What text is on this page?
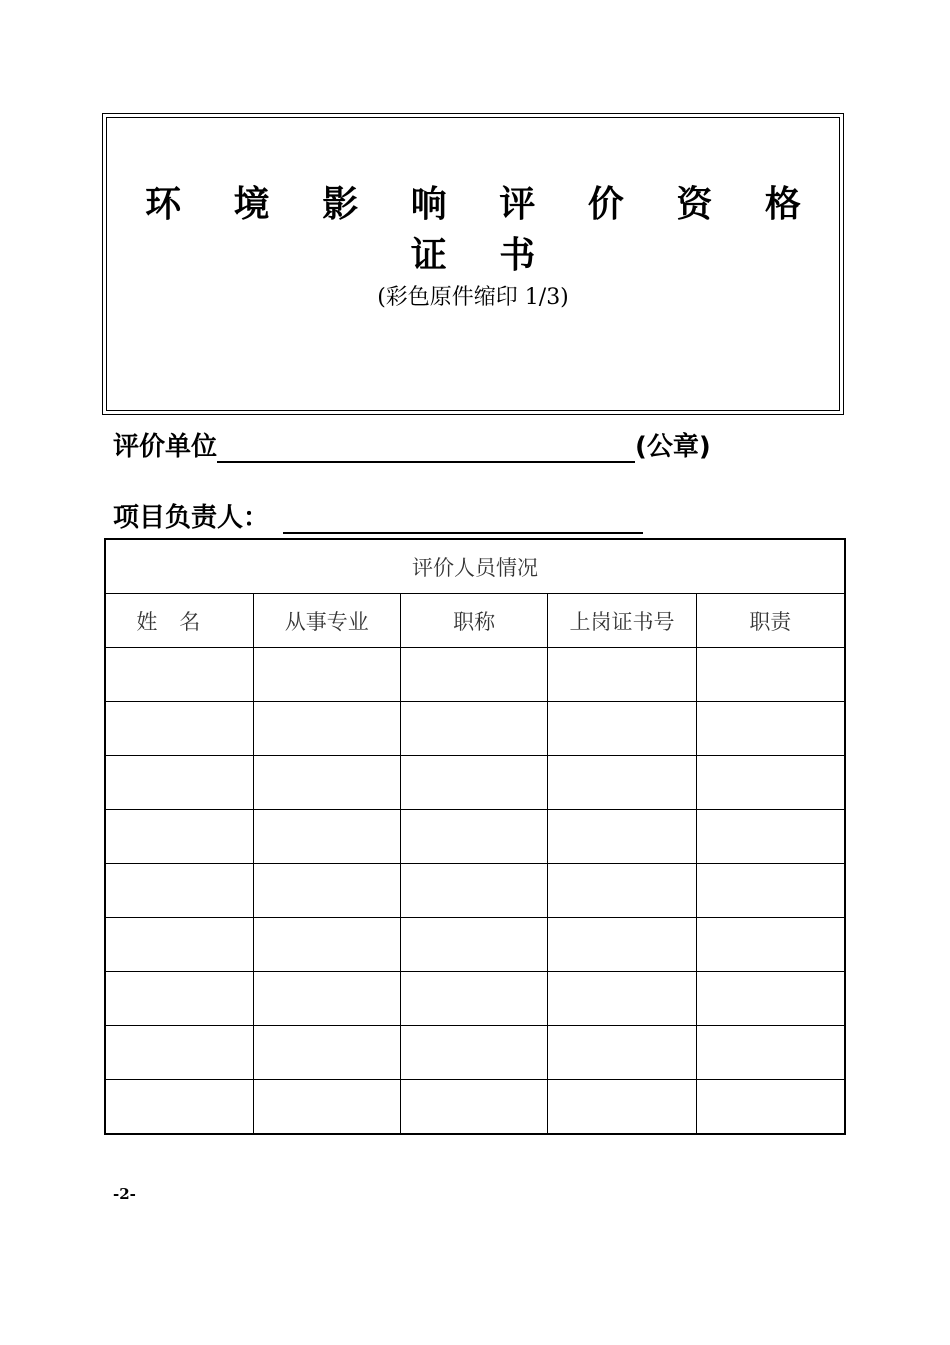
环 境 影 响 评 价 资 格 证 书
(彩色原件缩印 1/3)
评价单位	(公章)
项目负责人：
评价人员情况				
姓名	从事专业	职称	上岗证书号	职责

-2-
